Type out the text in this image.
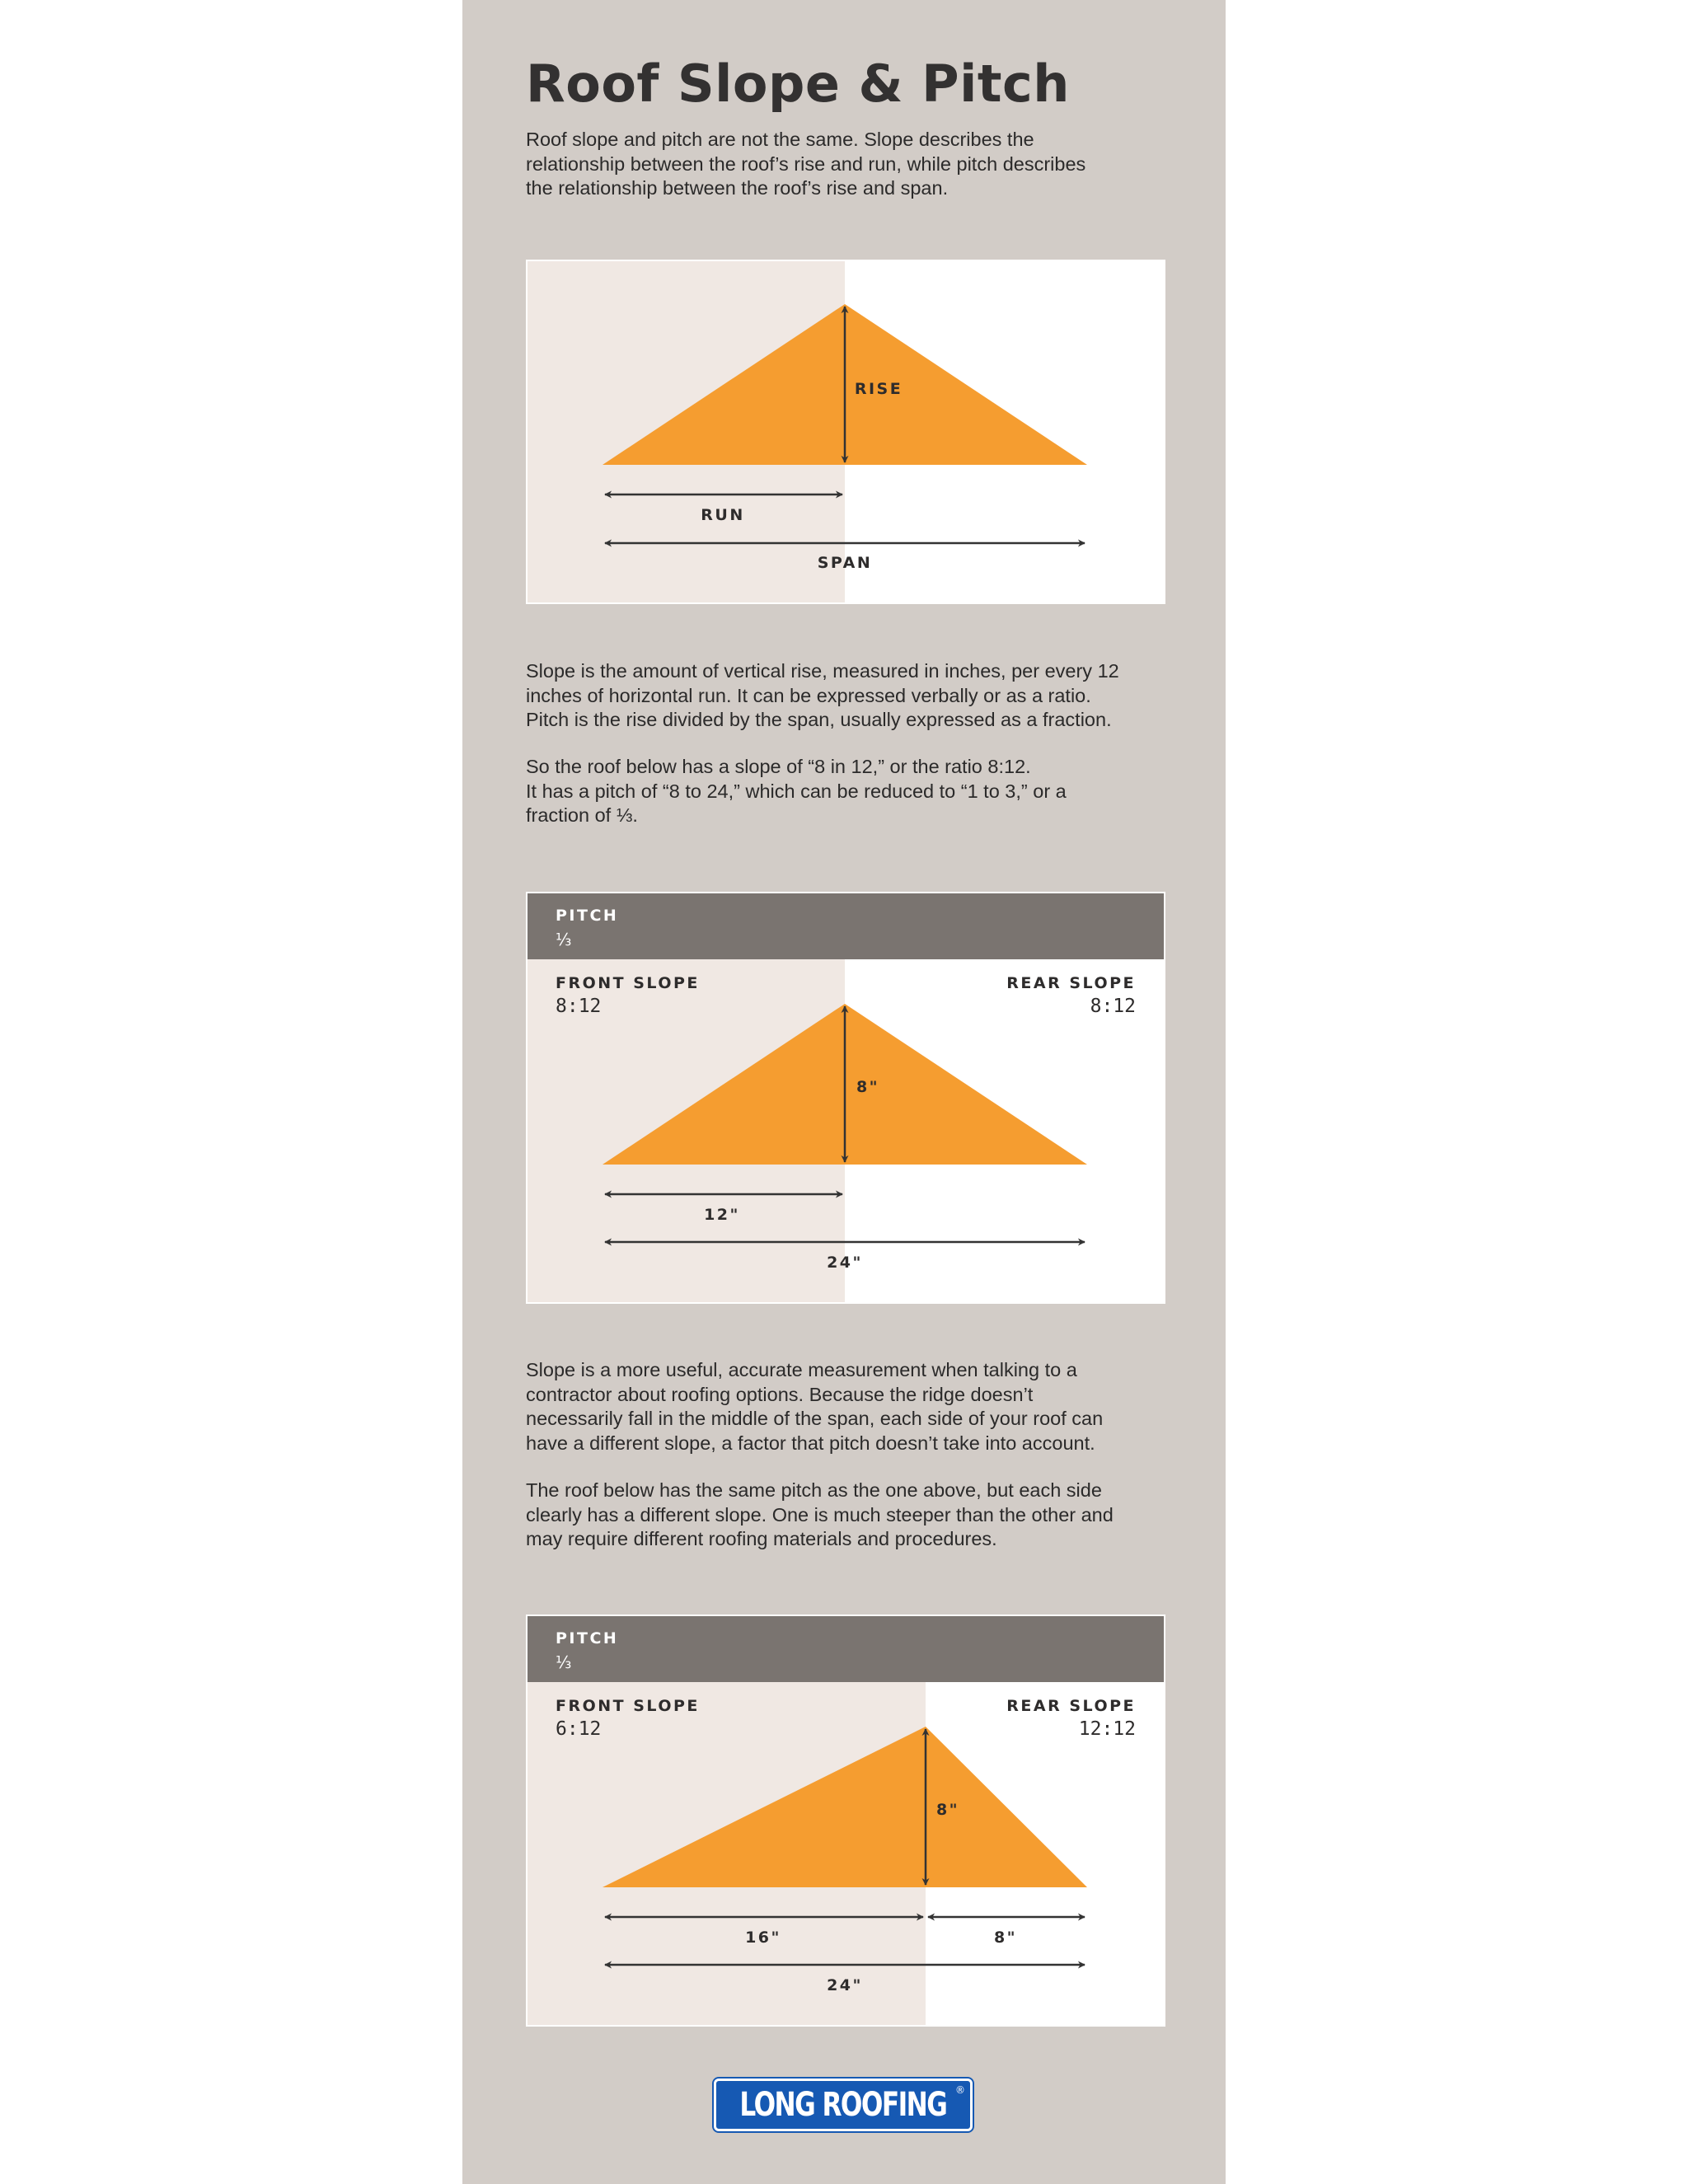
Roof Slope & Pitch

Roof slope and pitch are not the same. Slope describes the
relationship between the roof’s rise and run, while pitch describes
the relationship between the roof’s rise and span.

RISE
RUN
SPAN

Slope is the amount of vertical rise, measured in inches, per every 12
inches of horizontal run. It can be expressed verbally or as a ratio.
Pitch is the rise divided by the span, usually expressed as a fraction.

So the roof below has a slope of “8 in 12,” or the ratio 8:12.
It has a pitch of “8 to 24,” which can be reduced to “1 to 3,” or a
fraction of ⅓.

8"
12"
24"
PITCH
⅓
FRONT SLOPE
8:12
REAR SLOPE
8:12

Slope is a more useful, accurate measurement when talking to a
contractor about roofing options. Because the ridge doesn’t
necessarily fall in the middle of the span, each side of your roof can
have a different slope, a factor that pitch doesn’t take into account.

The roof below has the same pitch as the one above, but each side
clearly has a different slope. One is much steeper than the other and
may require different roofing materials and procedures.

8"
16"	8"
24"
PITCH
⅓
FRONT SLOPE
6:12
REAR SLOPE
12:12
LONG ROOFING ®
